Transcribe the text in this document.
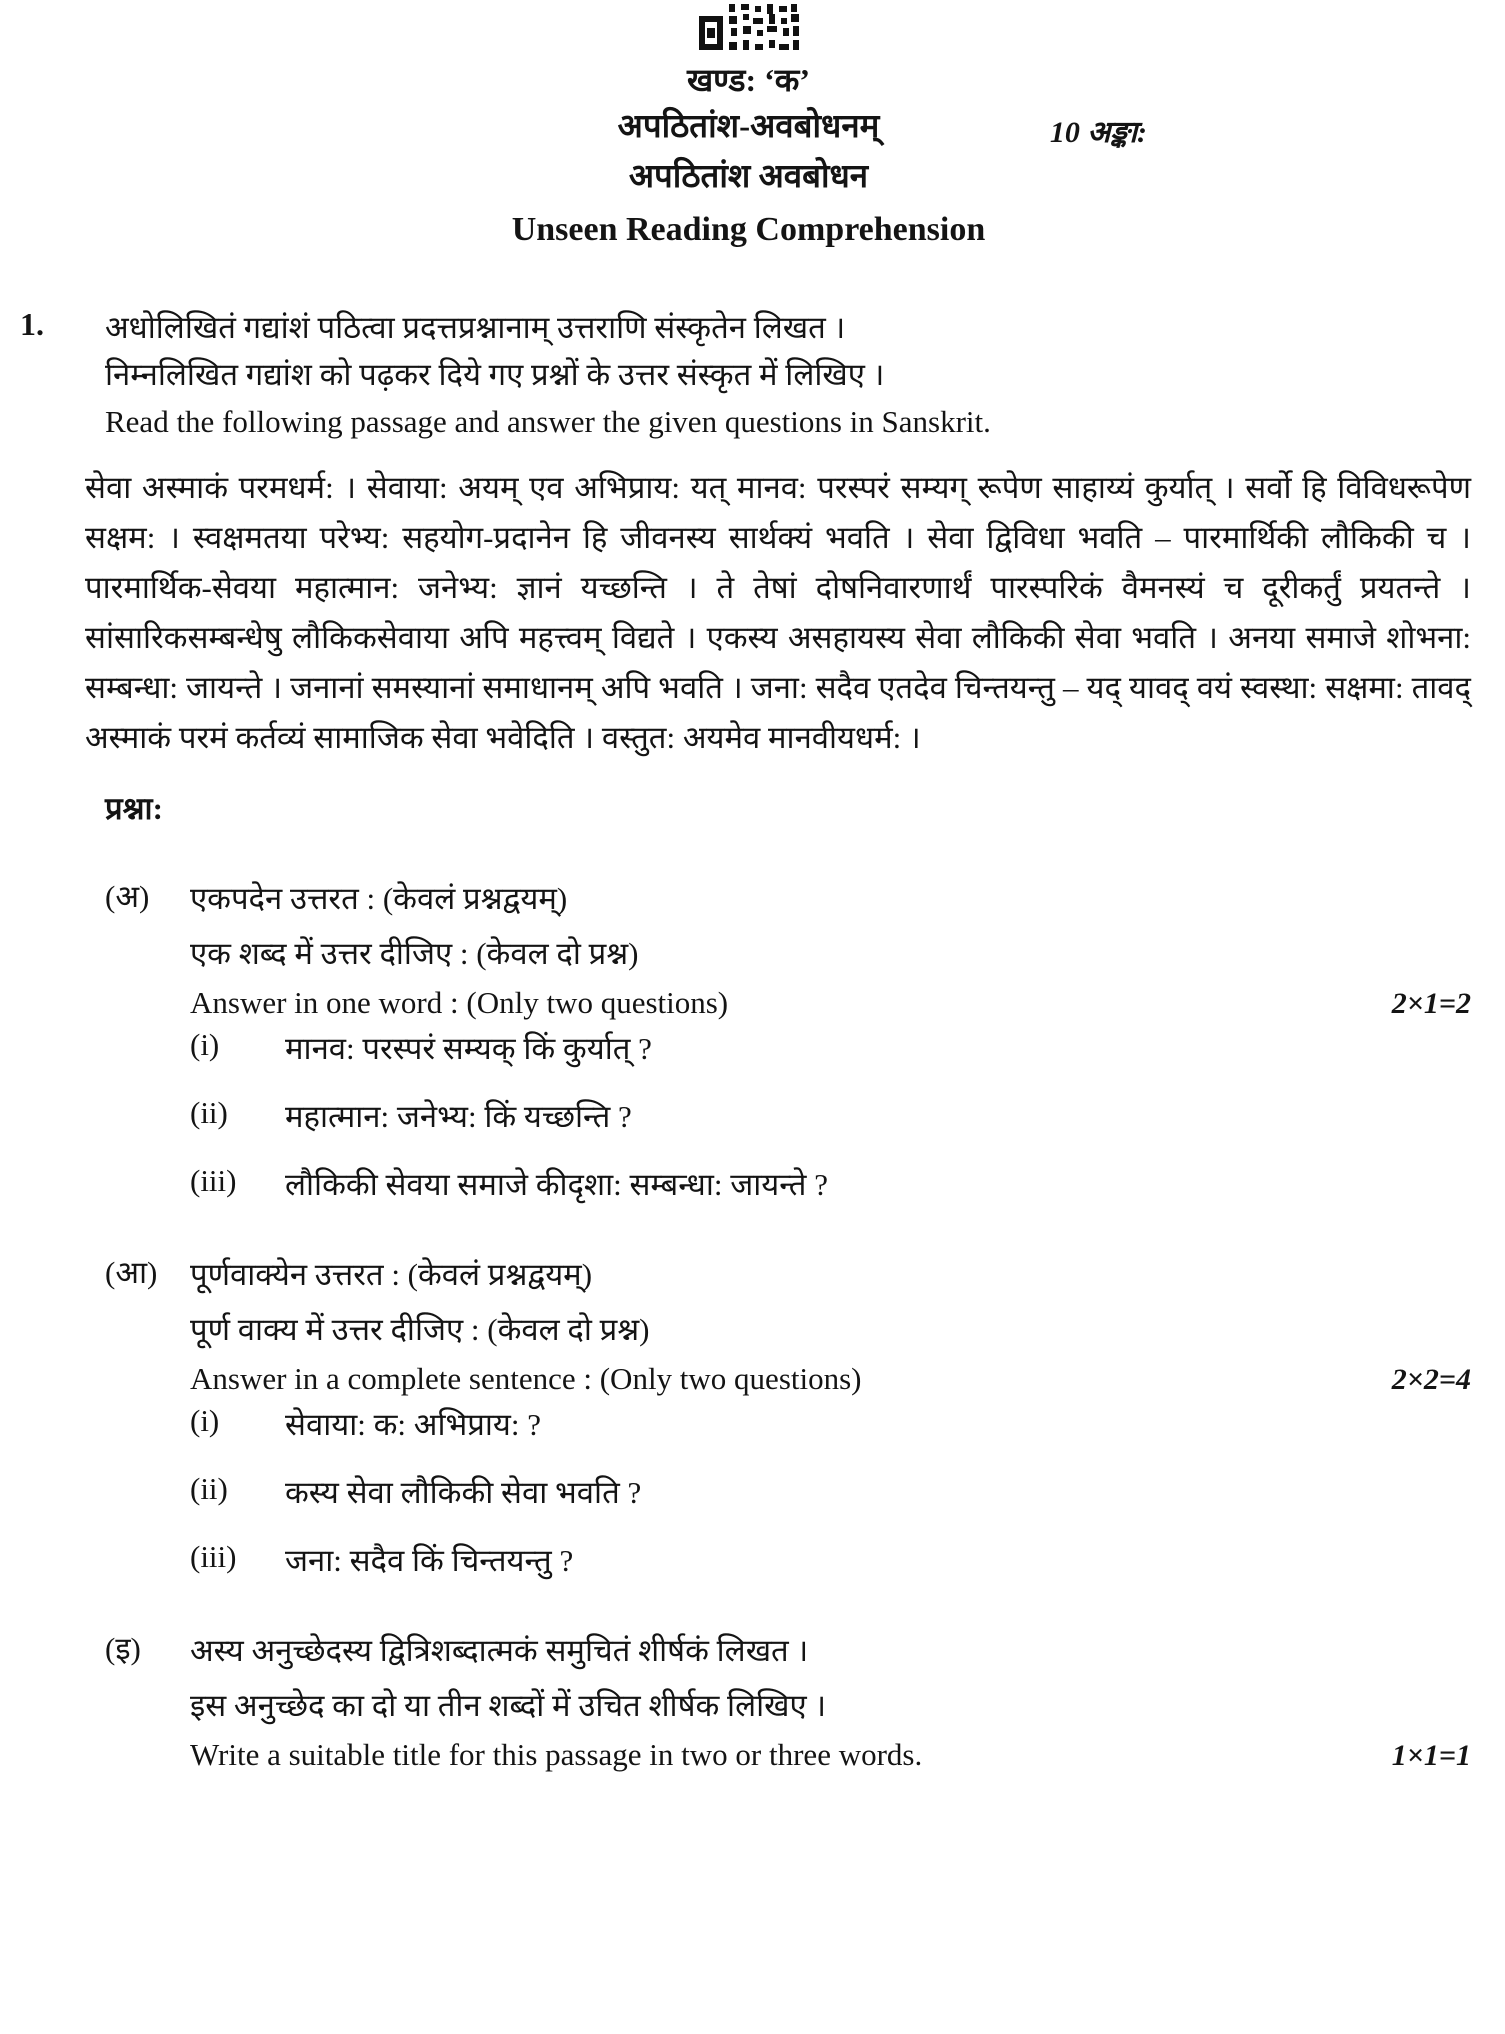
खण्ड: ‘क’
अपठितांश-अवबोधनम्	10 अङ्का:
अपठितांश अवबोधन
Unseen Reading Comprehension
1.	अधोलिखितं गद्यांशं पठित्वा प्रदत्तप्रश्नानाम् उत्तराणि संस्कृतेन लिखत ।
निम्नलिखित गद्यांश को पढ़कर दिये गए प्रश्नों के उत्तर संस्कृत में लिखिए ।
Read the following passage and answer the given questions in Sanskrit.
सेवा अस्माकं परमधर्म: । सेवाया: अयम् एव अभिप्राय: यत् मानव: परस्परं सम्यग् रूपेण साहाय्यं कुर्यात् । सर्वो हि विविधरूपेण सक्षम: । स्वक्षमतया परेभ्य: सहयोग-प्रदानेन हि जीवनस्य सार्थक्यं भवति । सेवा द्विविधा भवति – पारमार्थिकी लौकिकी च । पारमार्थिक-सेवया महात्मान: जनेभ्य: ज्ञानं यच्छन्ति । ते तेषां दोषनिवारणार्थं पारस्परिकं वैमनस्यं च दूरीकर्तुं प्रयतन्ते । सांसारिकसम्बन्धेषु लौकिकसेवाया अपि महत्त्वम् विद्यते । एकस्य असहायस्य सेवा लौकिकी सेवा भवति । अनया समाजे शोभना: सम्बन्धा: जायन्ते । जनानां समस्यानां समाधानम् अपि भवति । जना: सदैव एतदेव चिन्तयन्तु – यद् यावद् वयं स्वस्था: सक्षमा: तावद् अस्माकं परमं कर्तव्यं सामाजिक सेवा भवेदिति । वस्तुत: अयमेव मानवीयधर्म: ।
प्रश्ना:
(अ)	एकपदेन उत्तरत : (केवलं प्रश्नद्वयम्)
एक शब्द में उत्तर दीजिए : (केवल दो प्रश्न)
Answer in one word : (Only two questions)	2×1=2
(i)	मानव: परस्परं सम्यक् किं कुर्यात् ?
(ii)	महात्मान: जनेभ्य: किं यच्छन्ति ?
(iii)	लौकिकी सेवया समाजे कीदृशा: सम्बन्धा: जायन्ते ?
(आ)	पूर्णवाक्येन उत्तरत : (केवलं प्रश्नद्वयम्)
पूर्ण वाक्य में उत्तर दीजिए : (केवल दो प्रश्न)
Answer in a complete sentence : (Only two questions)	2×2=4
(i)	सेवाया: क: अभिप्राय: ?
(ii)	कस्य सेवा लौकिकी सेवा भवति ?
(iii)	जना: सदैव किं चिन्तयन्तु ?
(इ)	अस्य अनुच्छेदस्य द्वित्रिशब्दात्मकं समुचितं शीर्षकं लिखत ।
इस अनुच्छेद का दो या तीन शब्दों में उचित शीर्षक लिखिए ।
Write a suitable title for this passage in two or three words.	1×1=1
